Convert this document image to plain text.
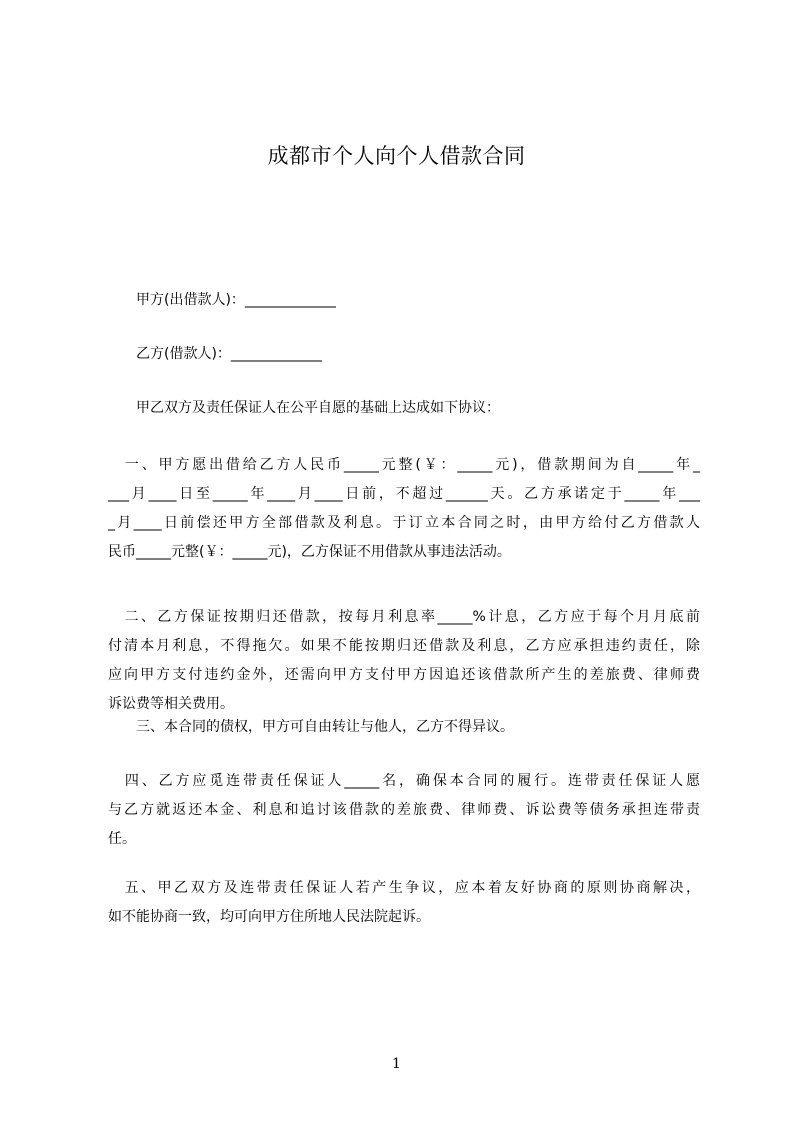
成都市个人向个人借款合同
甲方(出借款人)：_____________
乙方(借款人)：_____________
甲乙双方及责任保证人在公平自愿的基础上达成如下协议：
　一、甲方愿出借给乙方人民币_____元整(￥：_____元)，借款期间为自_____年_
___月____日至_____年____月____日前，不超过______天。乙方承诺定于_____年___
_月____日前偿还甲方全部借款及利息。于订立本合同之时，由甲方给付乙方借款人
民币_____元整(￥：_____元)，乙方保证不用借款从事违法活动。
　二、乙方保证按期归还借款，按每月利息率_____%计息，乙方应于每个月月底前
付清本月利息，不得拖欠。如果不能按期归还借款及利息，乙方应承担违约责任，除
应向甲方支付违约金外，还需向甲方支付甲方因追还该借款所产生的差旅费、律师费
诉讼费等相关费用。
三、本合同的债权，甲方可自由转让与他人，乙方不得异议。
　四、乙方应觅连带责任保证人_____名，确保本合同的履行。连带责任保证人愿
与乙方就返还本金、利息和追讨该借款的差旅费、律师费、诉讼费等债务承担连带责
任。
　五、甲乙双方及连带责任保证人若产生争议，应本着友好协商的原则协商解决，
如不能协商一致，均可向甲方住所地人民法院起诉。
1
